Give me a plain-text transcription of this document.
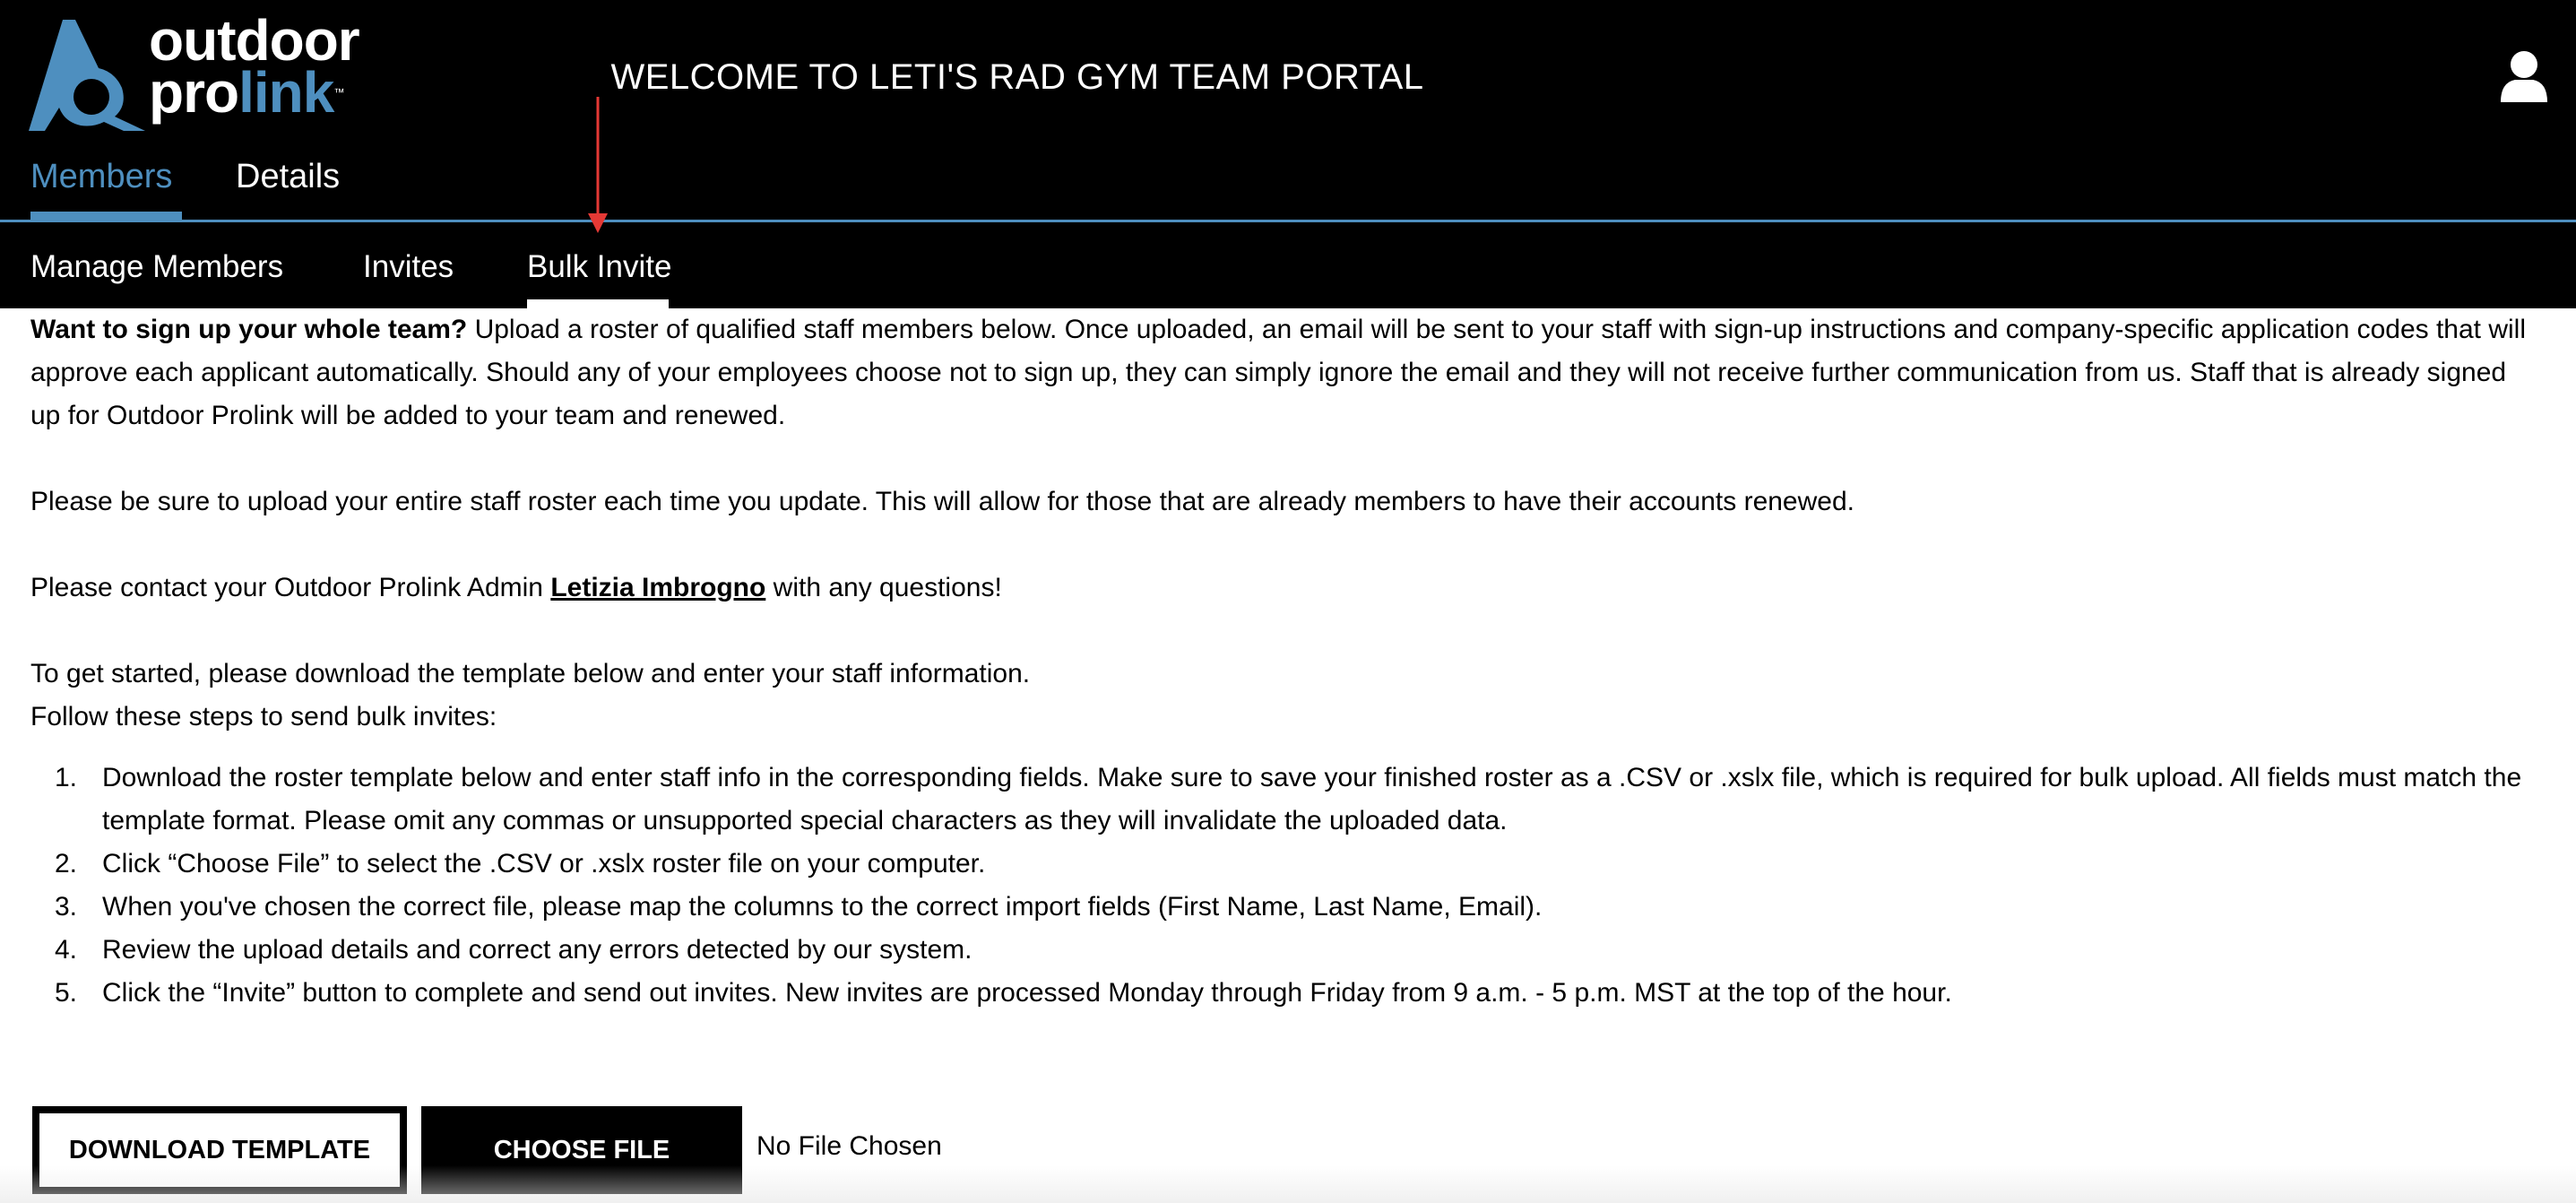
outdoor
prolink™	WELCOME TO LETI'S RAD GYM TEAM PORTAL
Members Details
Manage Members	Invites Bulk Invite

Want to sign up your whole team? Upload a roster of qualified staff members below. Once uploaded, an email will be sent to your staff with sign-up instructions and company-specific application codes that will approve each applicant automatically. Should any of your employees choose not to sign up, they can simply ignore the email and they will not receive further communication from us. Staff that is already signed up for Outdoor Prolink will be added to your team and renewed.

Please be sure to upload your entire staff roster each time you update. This will allow for those that are already members to have their accounts renewed.

Please contact your Outdoor Prolink Admin Letizia Imbrogno with any questions!

To get started, please download the template below and enter your staff information.

Follow these steps to send bulk invites:

1. Download the roster template below and enter staff info in the corresponding fields. Make sure to save your finished roster as a .CSV or .xslx file, which is required for bulk upload. All fields must match the template format. Please omit any commas or unsupported special characters as they will invalidate the uploaded data.
2. Click “Choose File” to select the .CSV or .xslx roster file on your computer.
3. When you've chosen the correct file, please map the columns to the correct import fields (First Name, Last Name, Email).
4. Review the upload details and correct any errors detected by our system.
5. Click the “Invite” button to complete and send out invites. New invites are processed Monday through Friday from 9 a.m. - 5 p.m. MST at the top of the hour.
DOWNLOAD TEMPLATE	CHOOSE FILE	No File Chosen
